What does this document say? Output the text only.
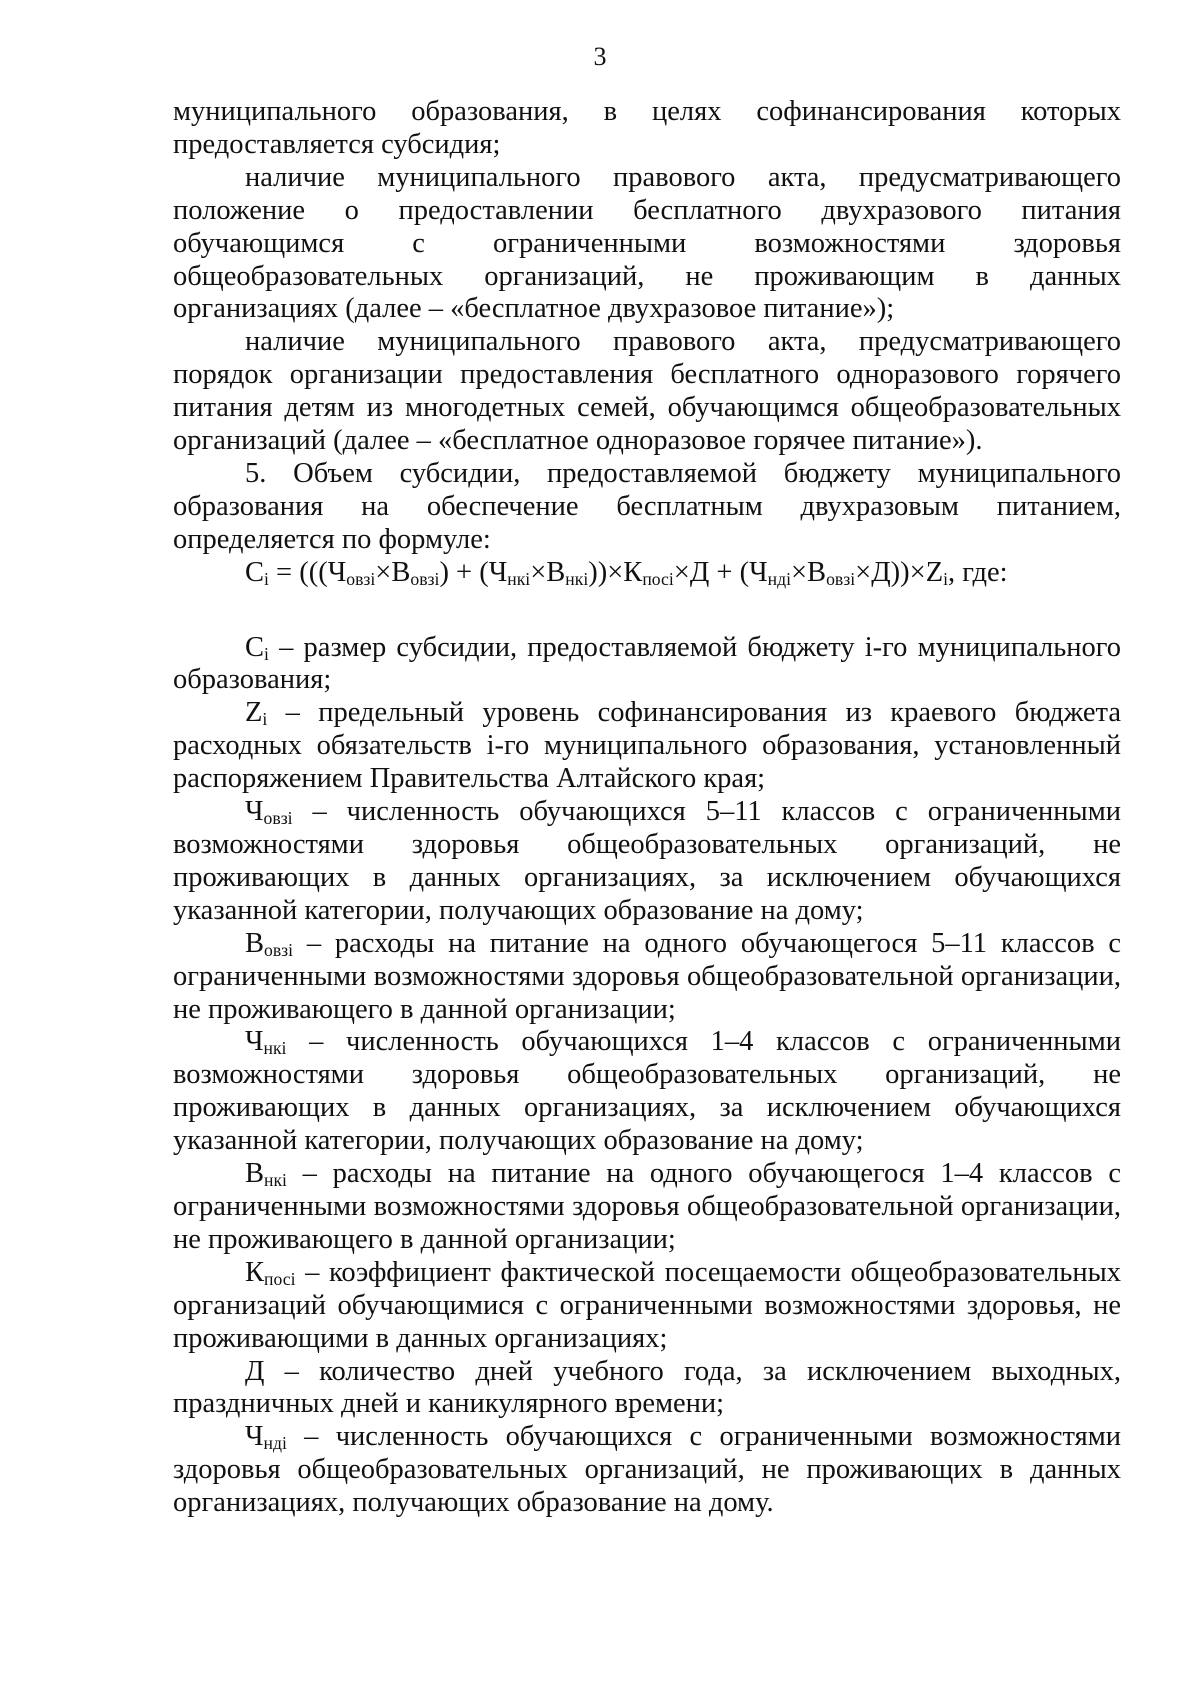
3

муниципального образования, в целях софинансирования которых предоставляется субсидия;

наличие муниципального правового акта, предусматривающего положение о предоставлении бесплатного двухразового питания обучающимся с ограниченными возможностями здоровья общеобразовательных организаций, не проживающим в данных организациях (далее – «бесплатное двухразовое питание»);

наличие муниципального правового акта, предусматривающего порядок организации предоставления бесплатного одноразового горячего питания детям из многодетных семей, обучающимся общеобразовательных организаций (далее – «бесплатное одноразовое горячее питание»).

5. Объем субсидии, предоставляемой бюджету муниципального образования на обеспечение бесплатным двухразовым питанием, определяется по формуле:

$C_i = (((Ч_{овзi}\times В_{овзi}) + (Ч_{нкi}\times В_{нкi}))\times К_{посi}\times Д + (Ч_{ндi}\times В_{овзi}\times Д))\times Z_i$, где:

$C_i$ – размер субсидии, предоставляемой бюджету i-го муниципального образования;

$Z_i$ – предельный уровень софинансирования из краевого бюджета расходных обязательств i-го муниципального образования, установленный распоряжением Правительства Алтайского края;

$Ч_{овзi}$ – численность обучающихся 5–11 классов с ограниченными возможностями здоровья общеобразовательных организаций, не проживающих в данных организациях, за исключением обучающихся указанной категории, получающих образование на дому;

$В_{овзi}$ – расходы на питание на одного обучающегося 5–11 классов с ограниченными возможностями здоровья общеобразовательной организации, не проживающего в данной организации;

$Ч_{нкi}$ – численность обучающихся 1–4 классов с ограниченными возможностями здоровья общеобразовательных организаций, не проживающих в данных организациях, за исключением обучающихся указанной категории, получающих образование на дому;

$В_{нкi}$ – расходы на питание на одного обучающегося 1–4 классов с ограниченными возможностями здоровья общеобразовательной организации, не проживающего в данной организации;

$К_{посi}$ – коэффициент фактической посещаемости общеобразовательных организаций обучающимися с ограниченными возможностями здоровья, не проживающими в данных организациях;

Д – количество дней учебного года, за исключением выходных, праздничных дней и каникулярного времени;

$Ч_{ндi}$ – численность обучающихся с ограниченными возможностями здоровья общеобразовательных организаций, не проживающих в данных организациях, получающих образование на дому.
